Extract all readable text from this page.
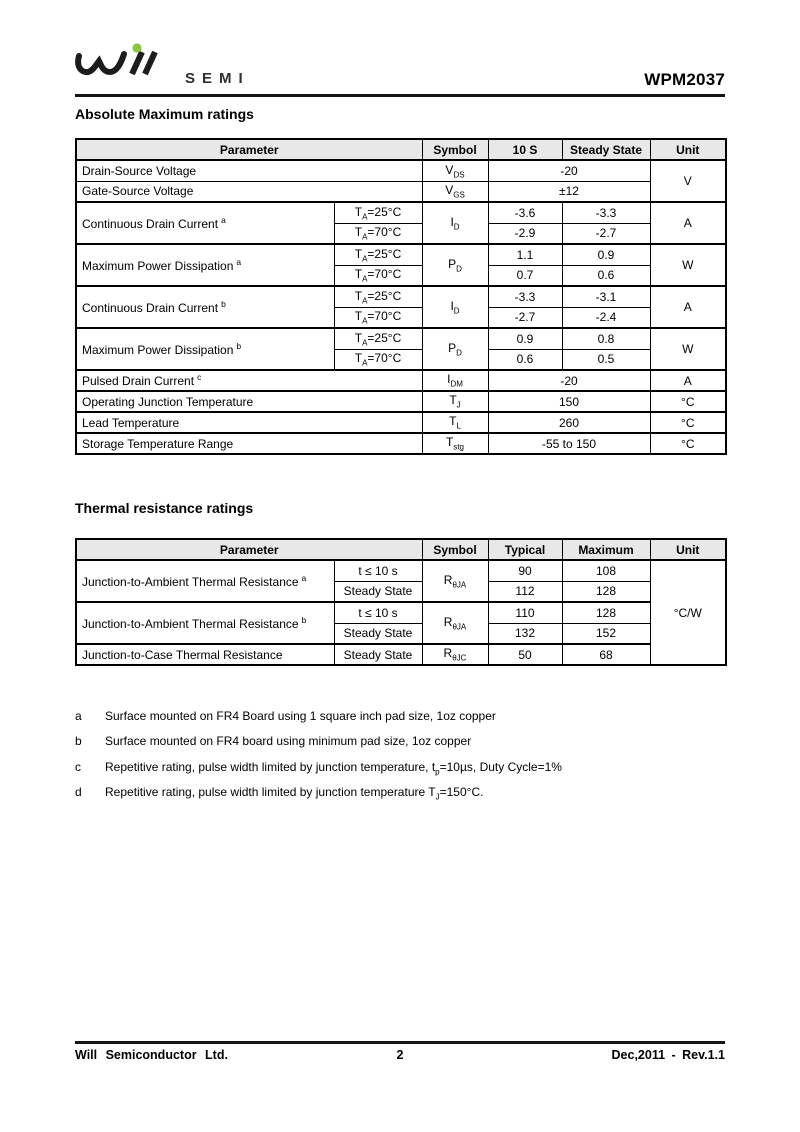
SEMI	WPM2037
Absolute Maximum ratings
Parameter		Symbol	10 S	Steady State	Unit
Drain-Source Voltage		$V_{DS}$	-20		V
Gate-Source Voltage		$V_{GS}$	±12		
Continuous Drain Current $^a$	$T_A=25^\circ C$	$I_D$	-3.6	-3.3	A
	$T_A=70^\circ C$		-2.9	-2.7	
Maximum Power Dissipation $^a$	$T_A=25^\circ C$	$P_D$	1.1	0.9	W
	$T_A=70^\circ C$		0.7	0.6	
Continuous Drain Current $^b$	$T_A=25^\circ C$	$I_D$	-3.3	-3.1	A
	$T_A=70^\circ C$		-2.7	-2.4	
Maximum Power Dissipation $^b$	$T_A=25^\circ C$	$P_D$	0.9	0.8	W
	$T_A=70^\circ C$		0.6	0.5	
Pulsed Drain Current $^c$		$I_{DM}$	-20		A
Operating Junction Temperature		$T_J$	150		°C
Lead Temperature		$T_L$	260		°C
Storage Temperature Range		$T_{stg}$	-55 to 150		°C
Thermal resistance ratings
Parameter		Symbol	Typical	Maximum	Unit
Junction-to-Ambient Thermal Resistance $^a$	t ≤ 10 s	$R_{\theta JA}$	90	108	°C/W
	Steady State		112	128	
Junction-to-Ambient Thermal Resistance $^b$	t ≤ 10 s	$R_{\theta JA}$	110	128	
	Steady State		132	152	
Junction-to-Case Thermal Resistance	Steady State	$R_{\theta JC}$	50	68	
a	Surface mounted on FR4 Board using 1 square inch pad size, 1oz copper
b	Surface mounted on FR4 board using minimum pad size, 1oz copper
c	Repetitive rating, pulse width limited by junction temperature, $t_p=10\mu s$, Duty Cycle=1%
d	Repetitive rating, pulse width limited by junction temperature $T_J=150^\circ C$.
2
Will Semiconductor Ltd.	Dec,2011 - Rev.1.1
